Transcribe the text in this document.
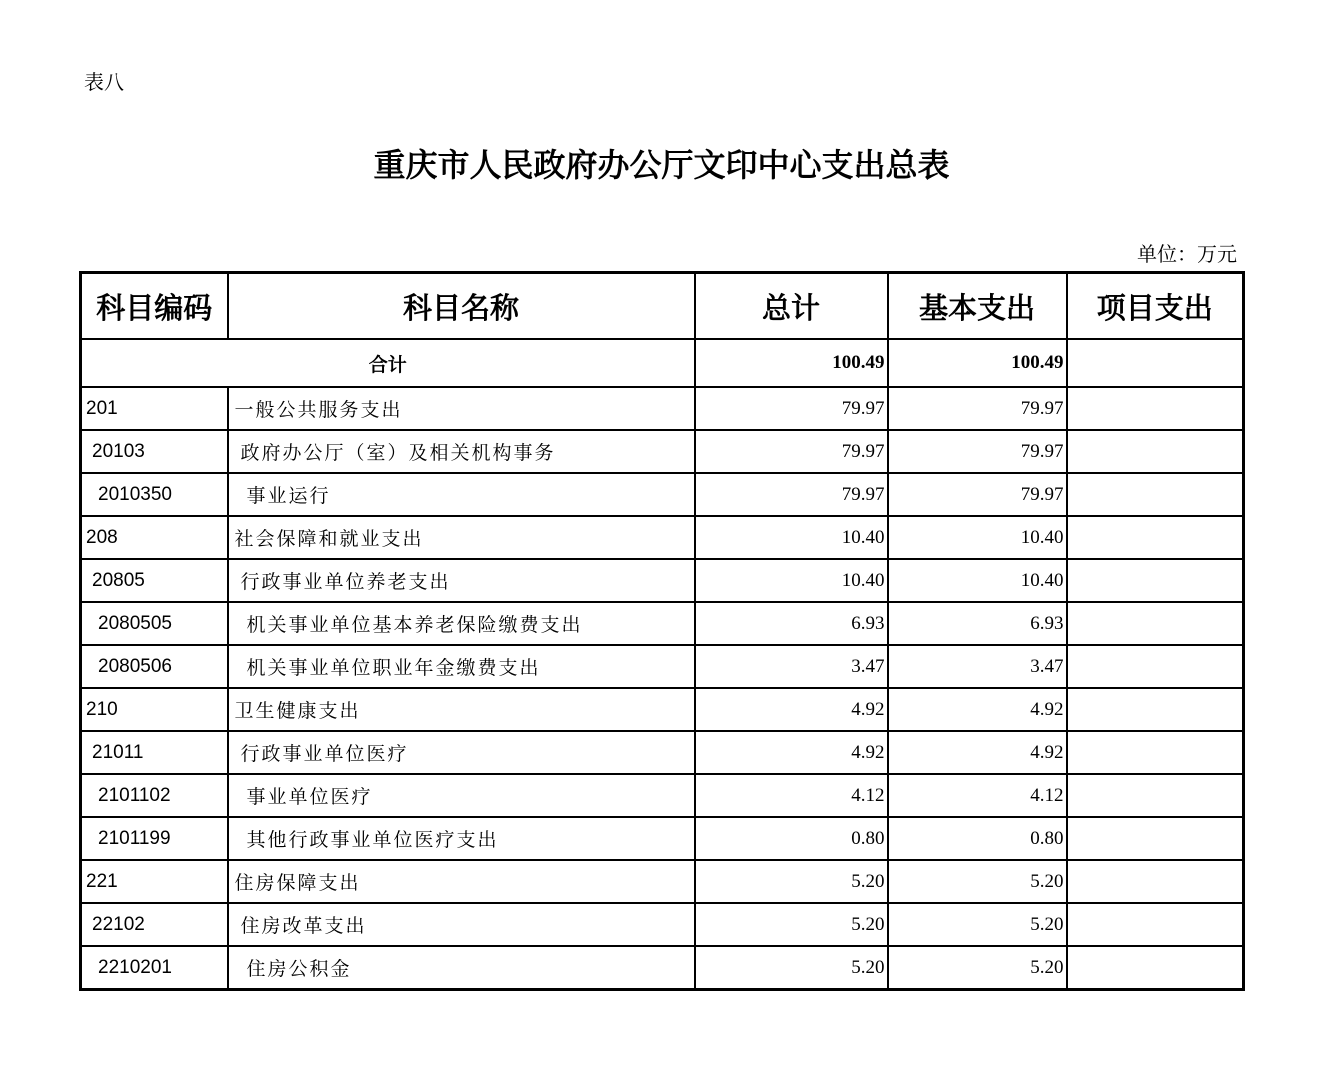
表八
重庆市人民政府办公厅文印中心支出总表
单位：万元
科目编码	科目名称	总计	基本支出	项目支出
合计		100.49	100.49	
201	一般公共服务支出	79.97	79.97	
20103	政府办公厅（室）及相关机构事务	79.97	79.97	
2010350	事业运行	79.97	79.97	
208	社会保障和就业支出	10.40	10.40	
20805	行政事业单位养老支出	10.40	10.40	
2080505	机关事业单位基本养老保险缴费支出	6.93	6.93	
2080506	机关事业单位职业年金缴费支出	3.47	3.47	
210	卫生健康支出	4.92	4.92	
21011	行政事业单位医疗	4.92	4.92	
2101102	事业单位医疗	4.12	4.12	
2101199	其他行政事业单位医疗支出	0.80	0.80	
221	住房保障支出	5.20	5.20	
22102	住房改革支出	5.20	5.20	
2210201	住房公积金	5.20	5.20	
